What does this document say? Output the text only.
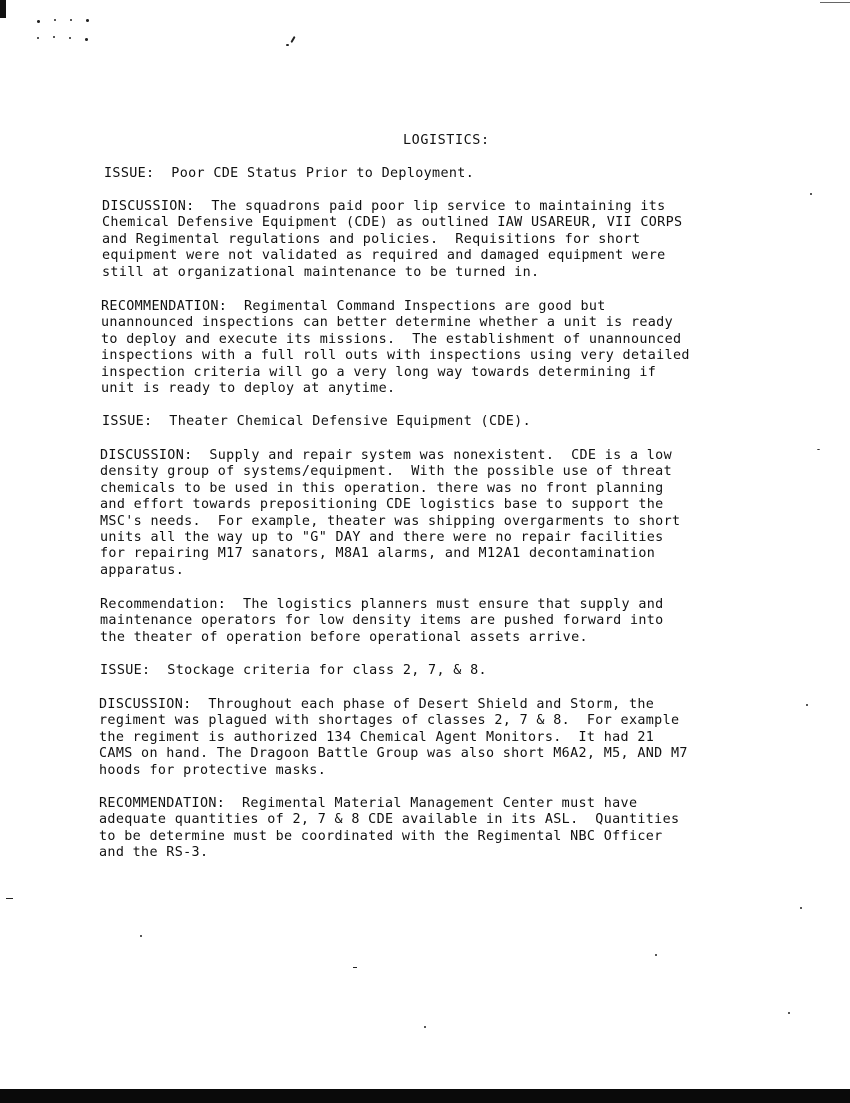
LOGISTICS:
ISSUE:  Poor CDE Status Prior to Deployment.
DISCUSSION:  The squadrons paid poor lip service to maintaining its
Chemical Defensive Equipment (CDE) as outlined IAW USAREUR, VII CORPS
and Regimental regulations and policies.  Requisitions for short
equipment were not validated as required and damaged equipment were
still at organizational maintenance to be turned in.
RECOMMENDATION:  Regimental Command Inspections are good but
unannounced inspections can better determine whether a unit is ready
to deploy and execute its missions.  The establishment of unannounced
inspections with a full roll outs with inspections using very detailed
inspection criteria will go a very long way towards determining if
unit is ready to deploy at anytime.
ISSUE:  Theater Chemical Defensive Equipment (CDE).
DISCUSSION:  Supply and repair system was nonexistent.  CDE is a low
density group of systems/equipment.  With the possible use of threat
chemicals to be used in this operation. there was no front planning
and effort towards prepositioning CDE logistics base to support the
MSC's needs.  For example, theater was shipping overgarments to short
units all the way up to "G" DAY and there were no repair facilities
for repairing M17 sanators, M8A1 alarms, and M12A1 decontamination
apparatus.
Recommendation:  The logistics planners must ensure that supply and
maintenance operators for low density items are pushed forward into
the theater of operation before operational assets arrive.
ISSUE:  Stockage criteria for class 2, 7, & 8.
DISCUSSION:  Throughout each phase of Desert Shield and Storm, the
regiment was plagued with shortages of classes 2, 7 & 8.  For example
the regiment is authorized 134 Chemical Agent Monitors.  It had 21
CAMS on hand. The Dragoon Battle Group was also short M6A2, M5, AND M7
hoods for protective masks.
RECOMMENDATION:  Regimental Material Management Center must have
adequate quantities of 2, 7 & 8 CDE available in its ASL.  Quantities
to be determine must be coordinated with the Regimental NBC Officer
and the RS-3.
